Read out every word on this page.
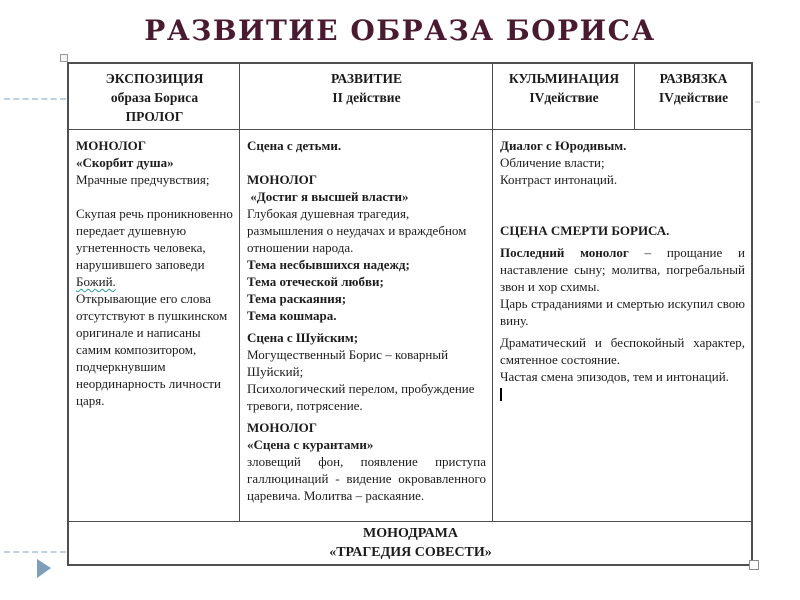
РАЗВИТИЕ ОБРАЗА БОРИСА
ЭКСПОЗИЦИЯ
образа Бориса
ПРОЛОГ
РАЗВИТИЕ
II действие
КУЛЬМИНАЦИЯ
IVдействие
РАЗВЯЗКА
IVдействие
МОНОЛОГ
«Скорбит душа»
Мрачные предчувствия;
Скупая речь проникновенно передает душевную угнетенность человека, нарушившего заповеди Божий.
Открывающие его слова отсутствуют в пушкинском оригинале и написаны самим композитором, подчеркнувшим неординарность личности царя.
Сцена с детьми.
МОНОЛОГ
«Достиг я высшей власти»
Глубокая душевная трагедия, размышления о неудачах и враждебном отношении народа.
Тема несбывшихся надежд;
Тема отеческой любви;
Тема раскаяния;
Тема кошмара.
Сцена с Шуйским;
Могущественный Борис – коварный Шуйский;
Психологический перелом, пробуждение тревоги, потрясение.
МОНОЛОГ
«Сцена с курантами»
зловещий фон, появление приступа галлюцинаций - видение окровавленного царевича. Молитва – раскаяние.
Диалог с Юродивым.
Обличение власти;
Контраст интонаций.
СЦЕНА СМЕРТИ БОРИСА.
Последний монолог – прощание и наставление сыну; молитва, погребальный звон и хор схимы.
Царь страданиями и смертью искупил свою вину.
Драматический и беспокойный характер, смятенное состояние.
Частая смена эпизодов, тем и интонаций.
МОНОДРАМА
«ТРАГЕДИЯ СОВЕСТИ»
